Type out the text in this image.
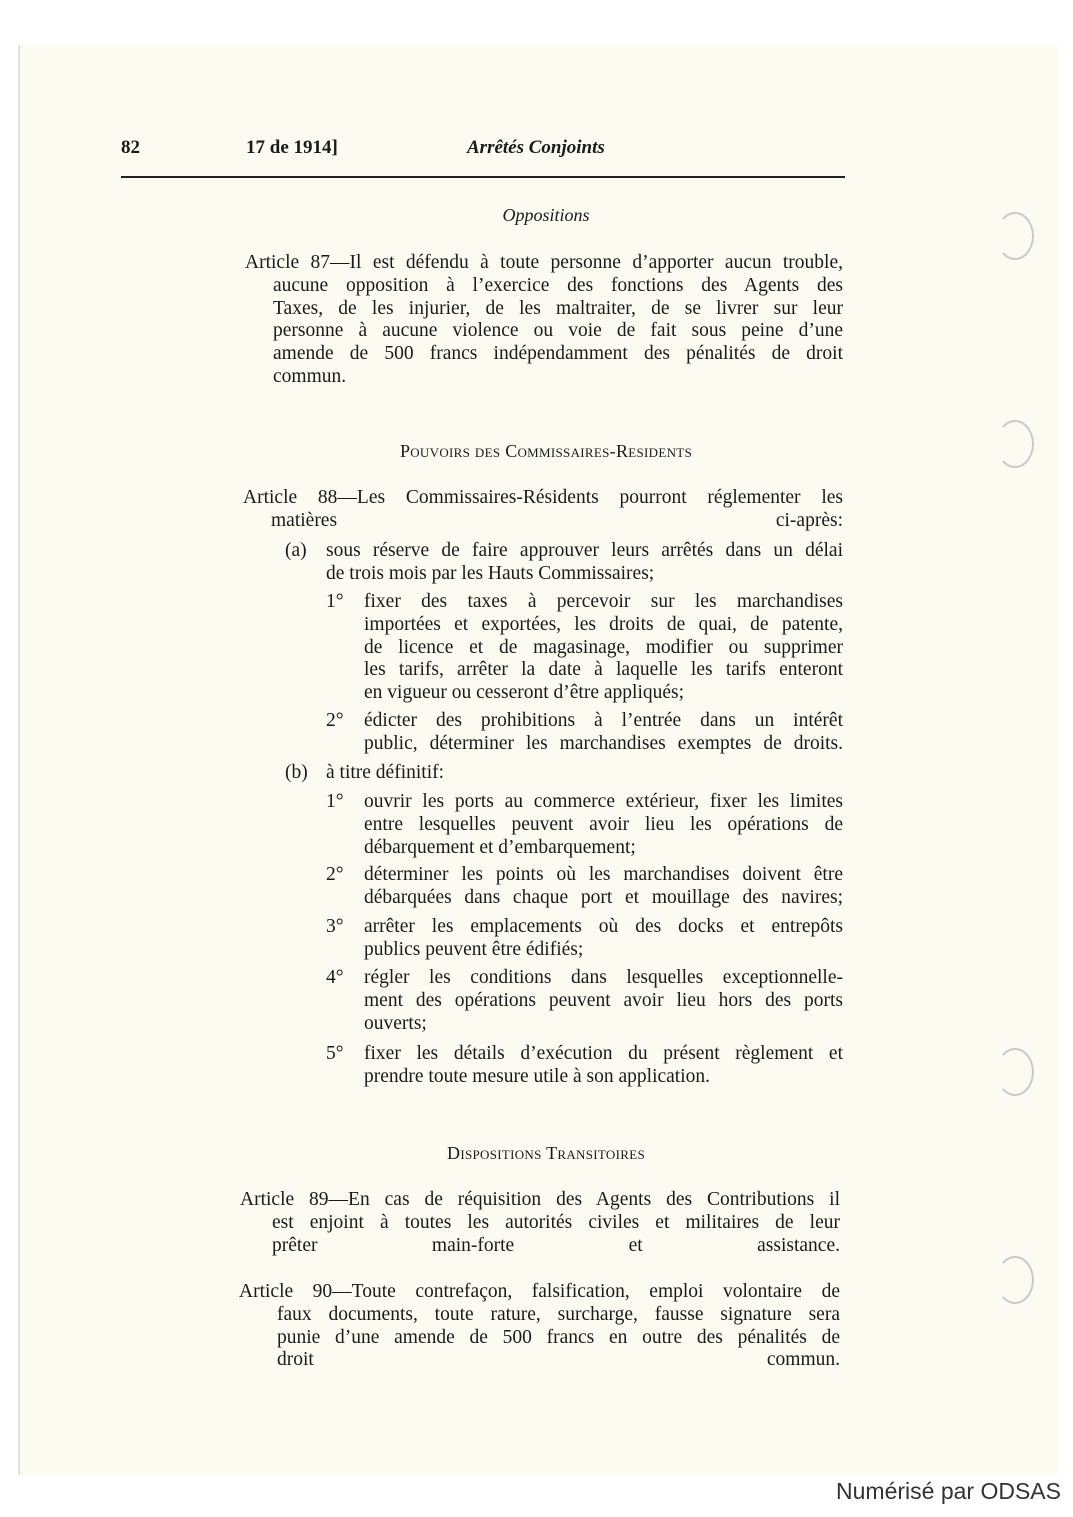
82	17 de 1914]	Arrêtés Conjoints
Oppositions
Article 87—Il est défendu à toute personne d’apporter aucun trouble,
aucune opposition à l’exercice des fonctions des Agents des
Taxes, de les injurier, de les maltraiter, de se livrer sur leur
personne à aucune violence ou voie de fait sous peine d’une
amende de 500 francs indépendamment des pénalités de droit
commun.
Pouvoirs des Commissaires-Residents
Article 88—Les Commissaires-Résidents pourront réglementer les
matières ci-après:
(a) sous réserve de faire approuver leurs arrêtés dans un délai
de trois mois par les Hauts Commissaires;
1° fixer des taxes à percevoir sur les marchandises
importées et exportées, les droits de quai, de patente,
de licence et de magasinage, modifier ou supprimer
les tarifs, arrêter la date à laquelle les tarifs enteront
en vigueur ou cesseront d’être appliqués;
2° édicter des prohibitions à l’entrée dans un intérêt
public, déterminer les marchandises exemptes de droits.
(b) à titre définitif:
1° ouvrir les ports au commerce extérieur, fixer les limites
entre lesquelles peuvent avoir lieu les opérations de
débarquement et d’embarquement;
2° déterminer les points où les marchandises doivent être
débarquées dans chaque port et mouillage des navires;
3° arrêter les emplacements où des docks et entrepôts
publics peuvent être édifiés;
4° régler les conditions dans lesquelles exceptionnelle-
ment des opérations peuvent avoir lieu hors des ports
ouverts;
5° fixer les détails d’exécution du présent règlement et
prendre toute mesure utile à son application.
Dispositions Transitoires
Article 89—En cas de réquisition des Agents des Contributions il
est enjoint à toutes les autorités civiles et militaires de leur
prêter main-forte et assistance.
Article 90—Toute contrefaçon, falsification, emploi volontaire de
faux documents, toute rature, surcharge, fausse signature sera
punie d’une amende de 500 francs en outre des pénalités de
droit commun.
Numérisé par ODSAS
